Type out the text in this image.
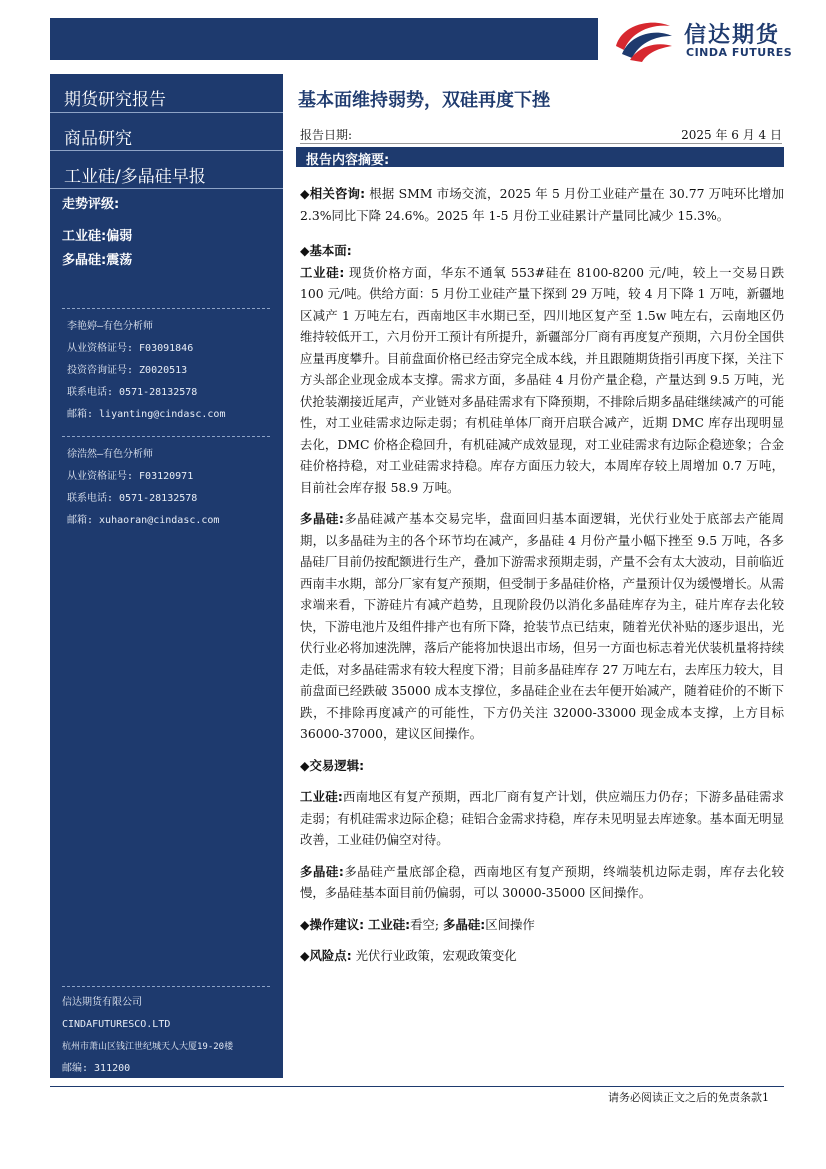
信达期货
CINDA FUTURES
期货研究报告
商品研究
工业硅/多晶硅早报
走势评级:
工业硅:偏弱
多晶硅:震荡
李艳婷—有色分析师
从业资格证号: F03091846
投资咨询证号: Z0020513
联系电话: 0571-28132578
邮箱: liyanting@cindasc.com
徐浩然—有色分析师
从业资格证号: F03120971
联系电话: 0571-28132578
邮箱: xuhaoran@cindasc.com
信达期货有限公司
CINDAFUTURESCO.LTD
杭州市萧山区钱江世纪城天人大厦19-20楼
邮编: 311200
基本面维持弱势，双硅再度下挫
报告日期:	2025 年 6 月 4 日
报告内容摘要:

◆相关咨询: 根据 SMM 市场交流，2025 年 5 月份工业硅产量在 30.77 万吨环比增加 2.3%同比下降 24.6%。2025 年 1-5 月份工业硅累计产量同比减少 15.3%。

◆基本面:

工业硅: 现货价格方面，华东不通氧 553#硅在 8100-8200 元/吨，较上一交易日跌 100 元/吨。供给方面：5 月份工业硅产量下探到 29 万吨，较 4 月下降 1 万吨，新疆地区减产 1 万吨左右，西南地区丰水期已至，四川地区复产至 1.5w 吨左右，云南地区仍维持较低开工，六月份开工预计有所提升，新疆部分厂商有再度复产预期，六月份全国供应量再度攀升。目前盘面价格已经击穿完全成本线，并且跟随期货指引再度下探，关注下方头部企业现金成本支撑。需求方面，多晶硅 4 月份产量企稳，产量达到 9.5 万吨，光伏抢装潮接近尾声，产业链对多晶硅需求有下降预期，不排除后期多晶硅继续减产的可能性，对工业硅需求边际走弱；有机硅单体厂商开启联合减产，近期 DMC 库存出现明显去化，DMC 价格企稳回升，有机硅减产成效显现，对工业硅需求有边际企稳迹象；合金硅价格持稳，对工业硅需求持稳。库存方面压力较大，本周库存较上周增加 0.7 万吨，目前社会库存报 58.9 万吨。

多晶硅:多晶硅减产基本交易完毕，盘面回归基本面逻辑，光伏行业处于底部去产能周期，以多晶硅为主的各个环节均在减产，多晶硅 4 月份产量小幅下挫至 9.5 万吨，各多晶硅厂目前仍按配额进行生产，叠加下游需求预期走弱，产量不会有太大波动，目前临近西南丰水期，部分厂家有复产预期，但受制于多晶硅价格，产量预计仅为缓慢增长。从需求端来看，下游硅片有减产趋势，且现阶段仍以消化多晶硅库存为主，硅片库存去化较快，下游电池片及组件排产也有所下降，抢装节点已结束，随着光伏补贴的逐步退出，光伏行业必将加速洗牌，落后产能将加快退出市场，但另一方面也标志着光伏装机量将持续走低，对多晶硅需求有较大程度下滑；目前多晶硅库存 27 万吨左右，去库压力较大，目前盘面已经跌破 35000 成本支撑位，多晶硅企业在去年便开始减产，随着硅价的不断下跌，不排除再度减产的可能性，下方仍关注 32000-33000 现金成本支撑，上方目标 36000-37000，建议区间操作。

◆交易逻辑:

工业硅:西南地区有复产预期，西北厂商有复产计划，供应端压力仍存；下游多晶硅需求走弱；有机硅需求边际企稳；硅铝合金需求持稳，库存未见明显去库迹象。基本面无明显改善，工业硅仍偏空对待。

多晶硅:多晶硅产量底部企稳，西南地区有复产预期，终端装机边际走弱，库存去化较慢，多晶硅基本面目前仍偏弱，可以 30000-35000 区间操作。

◆操作建议: 工业硅:看空; 多晶硅:区间操作

◆风险点: 光伏行业政策，宏观政策变化

请务必阅读正文之后的免责条款1
